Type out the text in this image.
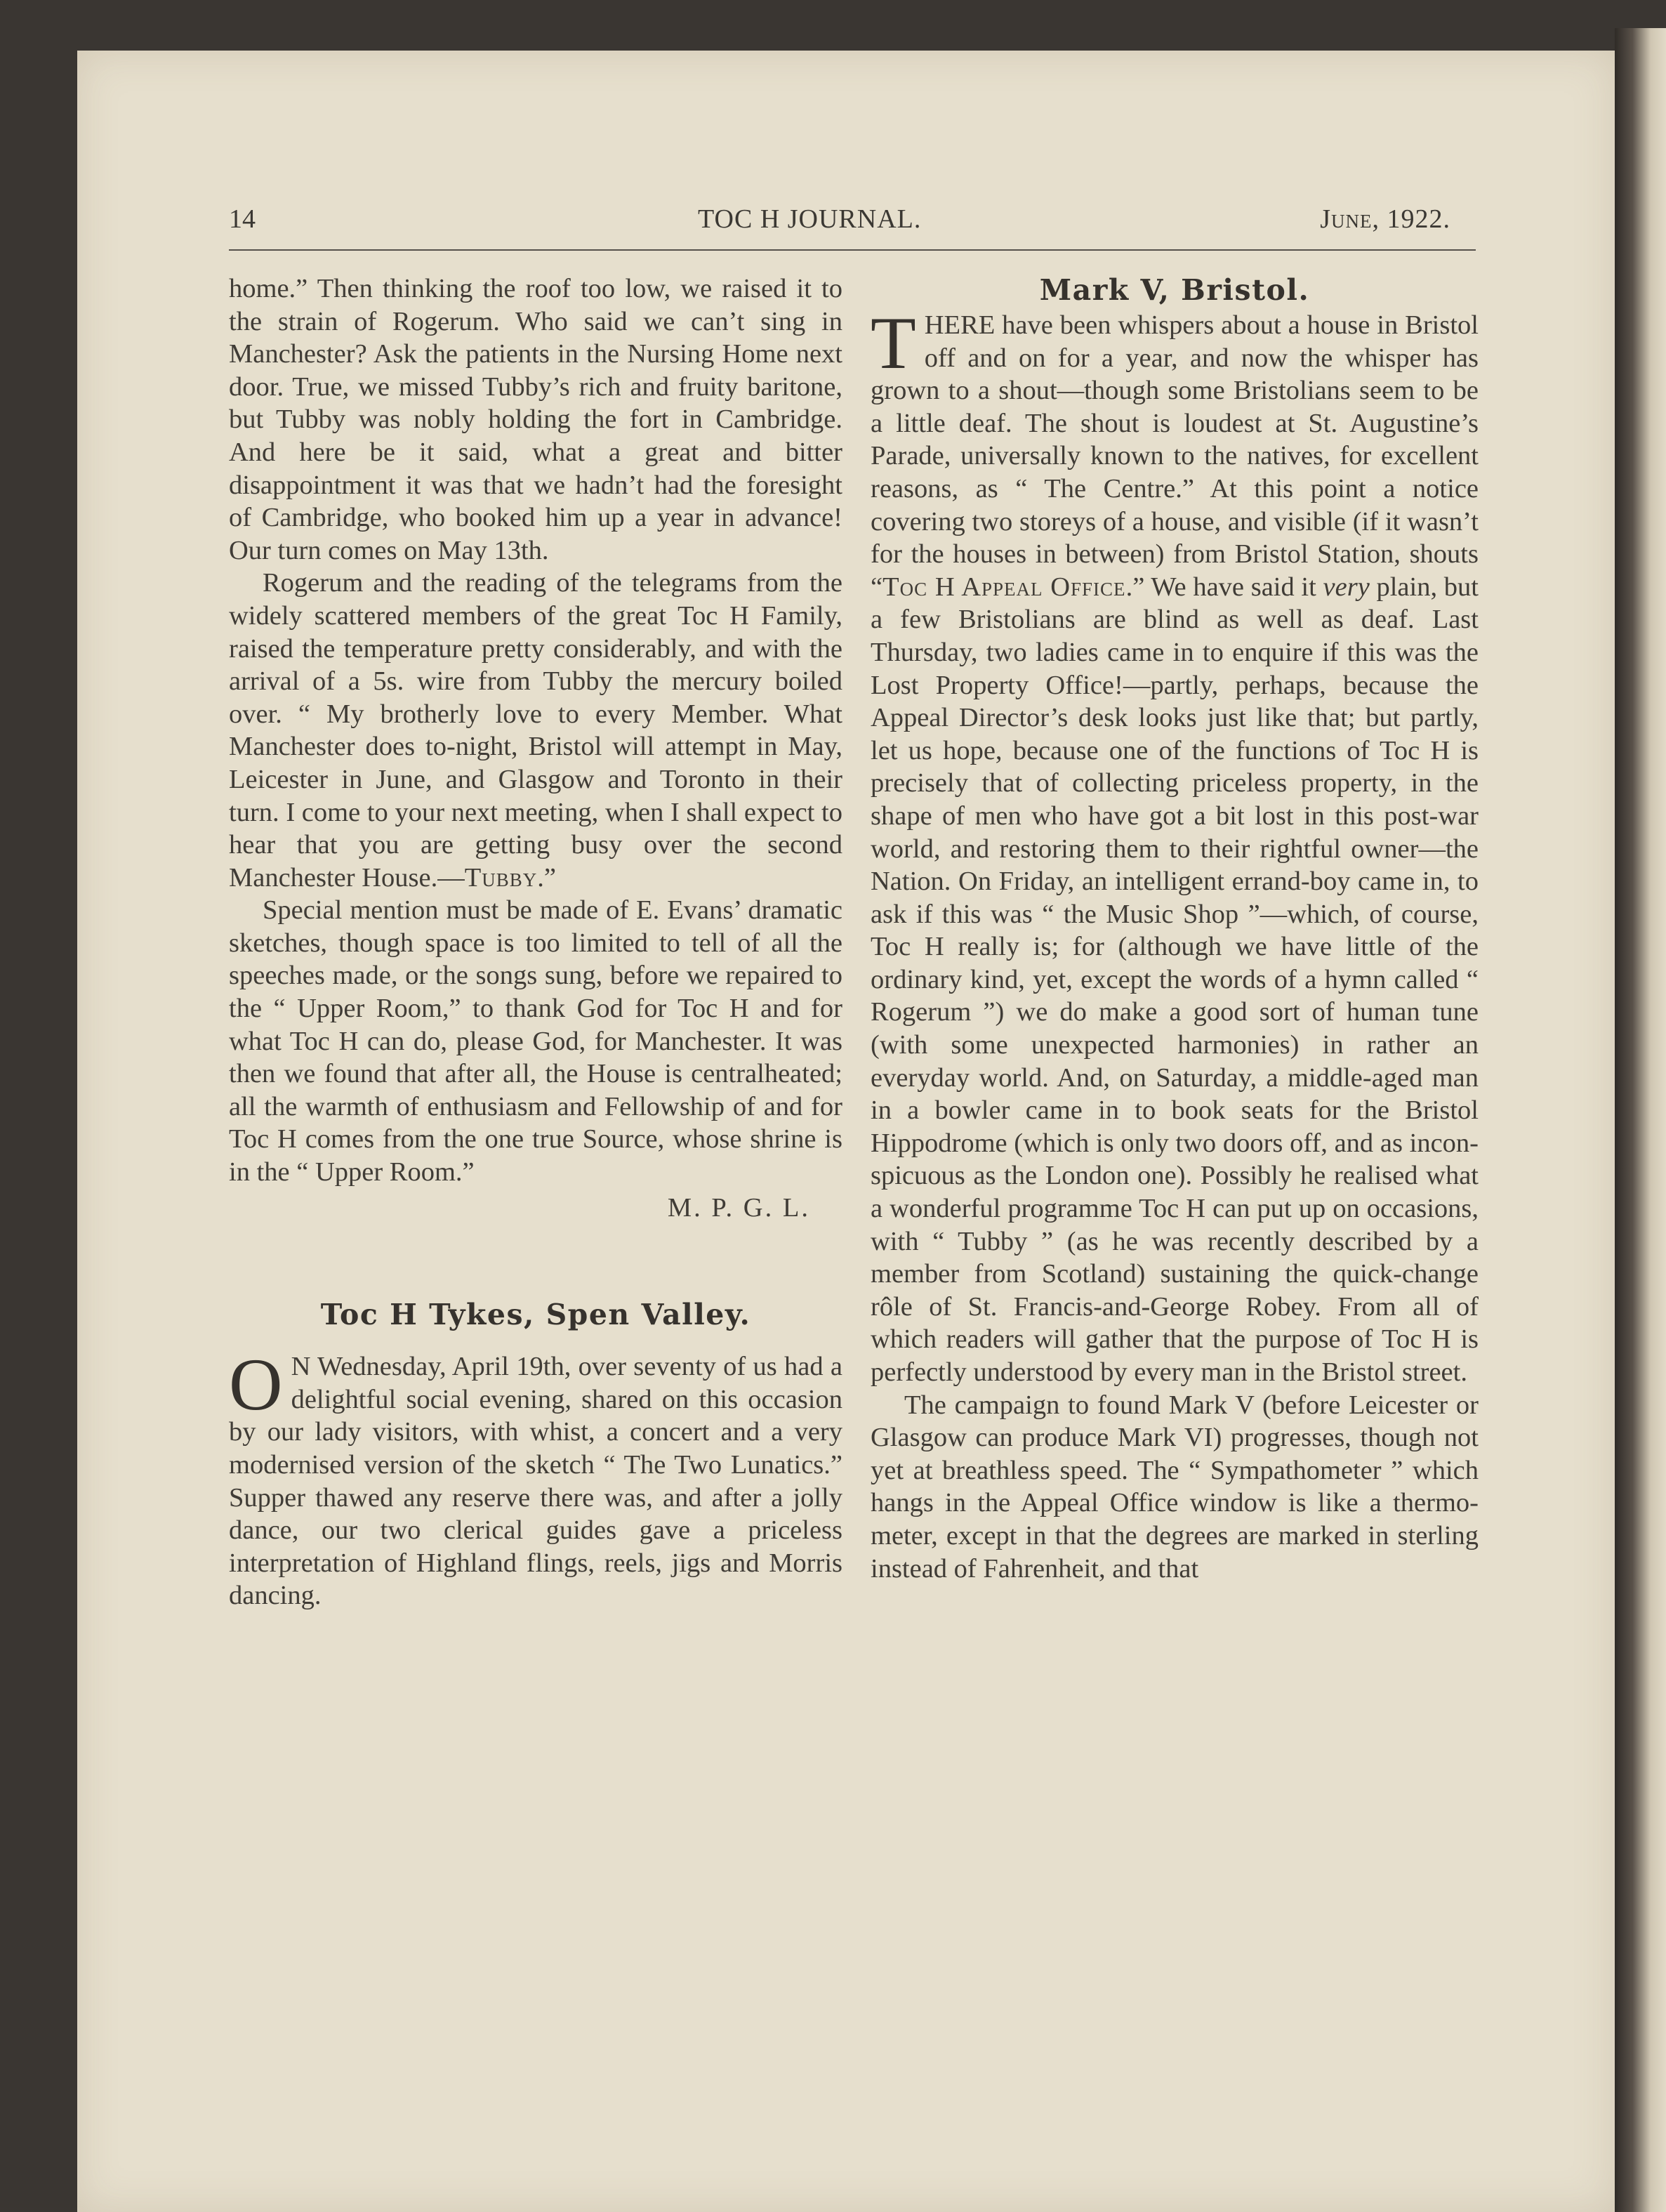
14	TOC H JOURNAL.	June, 1922.

home.” Then thinking the roof too low, we raised it to the strain of Rogerum. Who said we can’t sing in Manchester? Ask the patients in the Nursing Home next door. True, we missed Tubby’s rich and fruity baritone, but Tubby was nobly holding the fort in Cambridge. And here be it said, what a great and bitter disappointment it was that we hadn’t had the foresight of Cambridge, who booked him up a year in advance! Our turn comes on May 13th.

Rogerum and the reading of the telegrams from the widely scattered members of the great Toc H Family, raised the temperature pretty considerably, and with the arrival of a 5s. wire from Tubby the mercury boiled over. “ My brotherly love to every Member. What Manchester does to-night, Bristol will attempt in May, Leicester in June, and Glasgow and Toronto in their turn. I come to your next meeting, when I shall expect to hear that you are getting busy over the second Manchester House.—Tubby.”

Special mention must be made of E. Evans’ dramatic sketches, though space is too limited to tell of all the speeches made, or the songs sung, before we repaired to the “ Upper Room,” to thank God for Toc H and for what Toc H can do, please God, for Manchester. It was then we found that after all, the House is centralheated; all the warmth of enthusiasm and Fellowship of and for Toc H comes from the one true Source, whose shrine is in the “ Upper Room.”

M. P. G. L.
Toc H Tykes, Spen Valley.

O N Wednesday, April 19th, over seventy of us had a delightful social evening, shared on this occasion by our lady visitors, with whist, a concert and a very modernised version of the sketch “ The Two Lunatics.” Supper thawed any reserve there was, and after a jolly dance, our two clerical guides gave a priceless interpretation of Highland flings, reels, jigs and Morris dancing.

Mark V, Bristol.

THERE have been whispers about a house in Bristol off and on for a year, and now the whisper has grown to a shout—though some Bristolians seem to be a little deaf. The shout is loudest at St. Augustine’s Parade, universally known to the natives, for excellent reasons, as “ The Centre.” At this point a notice covering two storeys of a house, and visible (if it wasn’t for the houses in between) from Bristol Station, shouts “Toc H Appeal Office.” We have said it very plain, but a few Bristolians are blind as well as deaf. Last Thursday, two ladies came in to enquire if this was the Lost Property Office!—partly, perhaps, because the Appeal Director’s desk looks just like that; but partly, let us hope, because one of the functions of Toc H is precisely that of collecting priceless property, in the shape of men who have got a bit lost in this post-war world, and restoring them to their rightful owner—the Nation. On Friday, an intelligent errand-boy came in, to ask if this was “ the Music Shop ”—which, of course, Toc H really is; for (although we have little of the ordinary kind, yet, except the words of a hymn called “ Rogerum ”) we do make a good sort of human tune (with some unexpected harmonies) in rather an everyday world. And, on Saturday, a middle-aged man in a bowler came in to book seats for the Bristol Hippodrome (which is only two doors off, and as inconspicuous as the London one). Possibly he realised what a wonderful programme Toc H can put up on occasions, with “ Tubby ” (as he was recently described by a member from Scotland) sustaining the quick-change rôle of St. Francis-and-George Robey. From all of which readers will gather that the purpose of Toc H is perfectly understood by every man in the Bristol street.

The campaign to found Mark V (before Leicester or Glasgow can produce Mark VI) progresses, though not yet at breathless speed. The “ Sympathometer ” which hangs in the Appeal Office window is like a thermometer, except in that the degrees are marked in sterling instead of Fahrenheit, and that
